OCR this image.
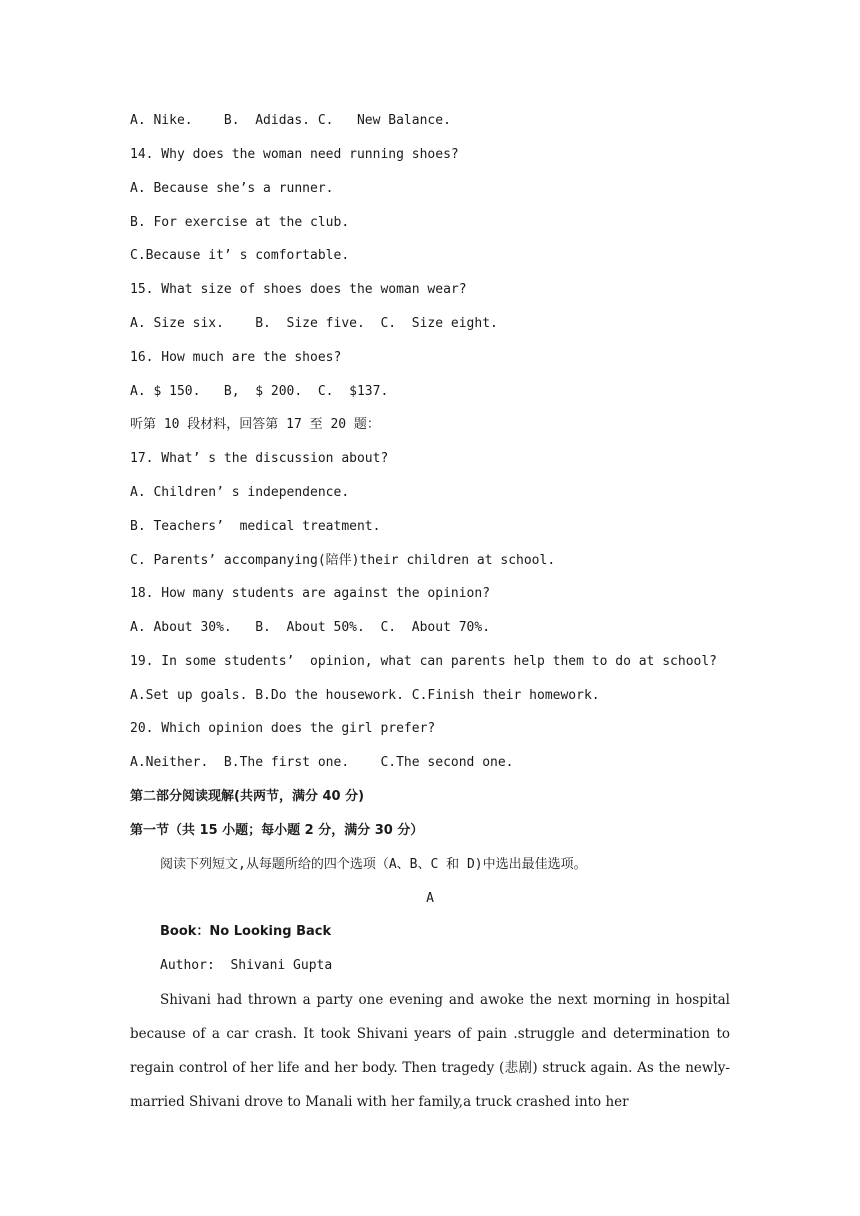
A. Nike.    B.  Adidas. C.   New Balance.
14. Why does the woman need running shoes?
A. Because she’s a runner.
B. For exercise at the club.
C.Because it’ s comfortable.
15. What size of shoes does the woman wear?
A. Size six.    B.  Size five.  C.  Size eight.
16. How much are the shoes?
A. $ 150.   B,  $ 200.  C.  $137.
听第 10 段材料，回答第 17 至 20 题：
17. What’ s the discussion about?
A. Children’ s independence.
B. Teachers’  medical treatment.
C. Parents’ accompanying(陪伴)their children at school.
18. How many students are against the opinion?
A. About 30%.   B.  About 50%.  C.  About 70%.
19. In some students’  opinion, what can parents help them to do at school?
A.Set up goals. B.Do the housework. C.Finish their homework.
20. Which opinion does the girl prefer?
A.Neither.  B.The first one.    C.The second one.
第二部分阅读现解(共两节，满分 40 分)
第一节（共 15 小题；每小题 2 分，满分 30 分）
阅读下列短文,从每题所给的四个选项（A、B、C 和 D)中选出最佳选项。
A
Book：No Looking Back
Author:  Shivani Gupta
Shivani had thrown a party one evening and awoke the next morning in hospital because of a car crash. It took Shivani years of pain .struggle and determination to regain control of her life and her body. Then tragedy (悲剧) struck again. As the newly-married Shivani drove to Manali with her family,a truck crashed into her
